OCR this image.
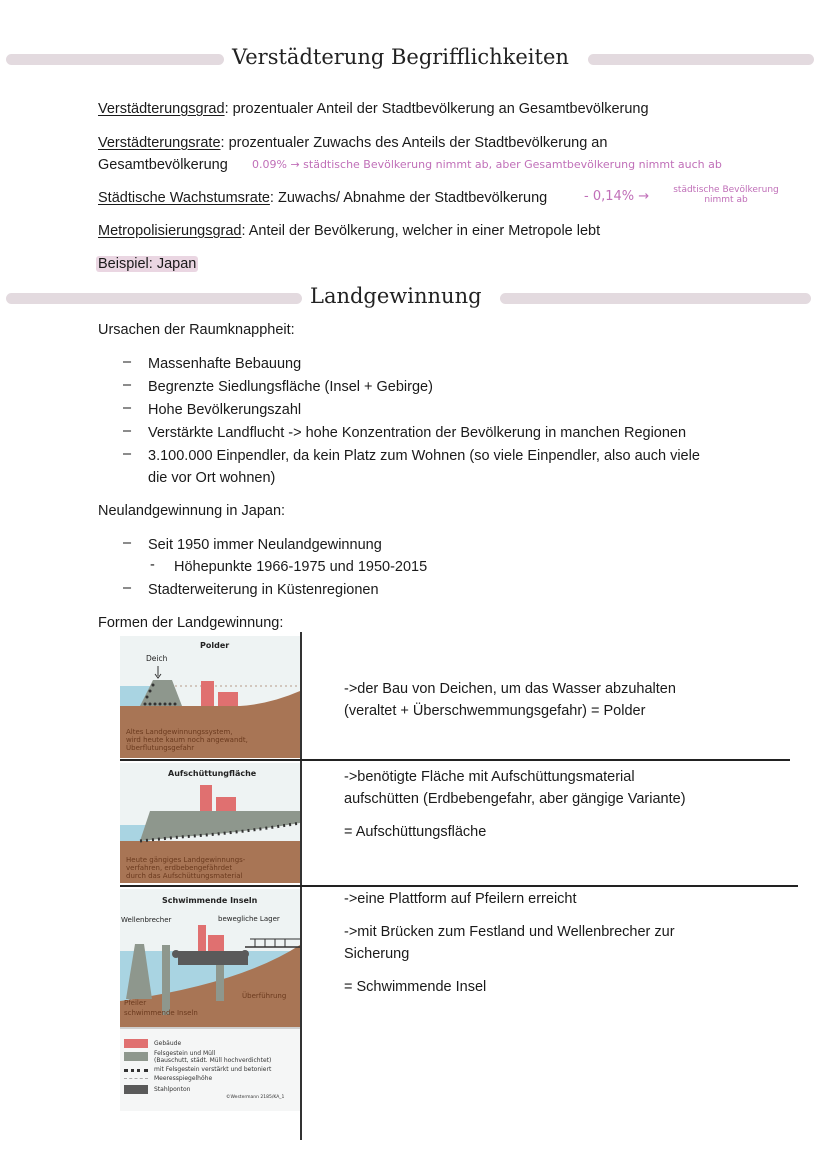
Verstädterung Begrifflichkeiten
Verstädterungsgrad: prozentualer Anteil der Stadtbevölkerung an Gesamtbevölkerung
Verstädterungsrate: prozentualer Zuwachs des Anteils der Stadtbevölkerung an
Gesamtbevölkerung 0.09% → städtische Bevölkerung nimmt ab, aber Gesamtbevölkerung nimmt auch ab
Städtische Wachstumsrate: Zuwachs/ Abnahme der Stadtbevölkerung	- 0,14% →	städtische Bevölkerung
nimmt ab
Metropolisierungsgrad: Anteil der Bevölkerung, welcher in einer Metropole lebt
Beispiel: Japan
Landgewinnung
Ursachen der Raumknappheit:
– Massenhafte Bebauung
– Begrenzte Siedlungsfläche (Insel + Gebirge)
– Hohe Bevölkerungszahl
– Verstärkte Landflucht -> hohe Konzentration der Bevölkerung in manchen Regionen
– 3.100.000 Einpendler, da kein Platz zum Wohnen (so viele Einpendler, also auch viele
die vor Ort wohnen)
Neulandgewinnung in Japan:
– Seit 1950 immer Neulandgewinnung
- Höhepunkte 1966-1975 und 1950-2015
– Stadterweiterung in Küstenregionen
Formen der Landgewinnung:
Polder
Deich
Altes Landgewinnungssystem,
wird heute kaum noch angewandt,
Überflutungsgefahr
->der Bau von Deichen, um das Wasser abzuhalten
(veraltet + Überschwemmungsgefahr) = Polder
Aufschüttungfläche
Heute gängiges Landgewinnungs-
verfahren, erdbebengefährdet
durch das Aufschüttungsmaterial
->benötigte Fläche mit Aufschüttungsmaterial
aufschütten (Erdbebengefahr, aber gängige Variante)
= Aufschüttungsfläche
Schwimmende Inseln
Wellenbrecher	bewegliche Lager
Pfeiler
schwimmende Inseln
Überführung
Gebäude
Felsgestein und Müll
(Bauschutt, städt. Müll hochverdichtet)
mit Felsgestein verstärkt und betoniert
Meeresspiegelhöhe
Stahlponton
©Westermann 2185/KA_1
->eine Plattform auf Pfeilern erreicht
->mit Brücken zum Festland und Wellenbrecher zur
Sicherung
= Schwimmende Insel
